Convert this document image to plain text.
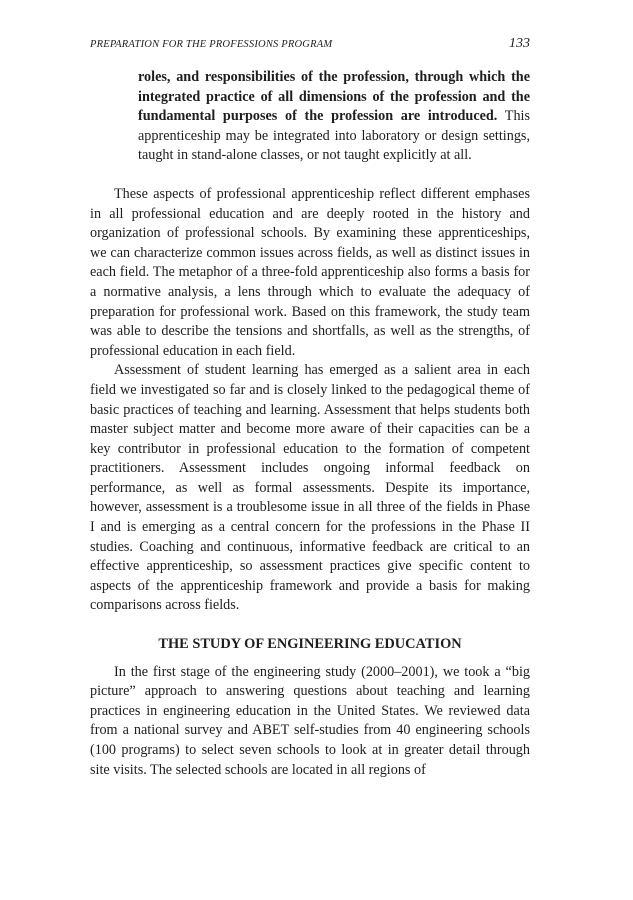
PREPARATION FOR THE PROFESSIONS PROGRAM	133

roles, and responsibilities of the profession, through which the integrated practice of all dimensions of the profession and the fundamental purposes of the profession are introduced. This apprenticeship may be integrated into laboratory or design settings, taught in stand-alone classes, or not taught explicitly at all.

These aspects of professional apprenticeship reflect different emphases in all professional education and are deeply rooted in the history and organization of professional schools. By examining these apprenticeships, we can characterize common issues across fields, as well as distinct issues in each field. The metaphor of a three-fold apprenticeship also forms a basis for a normative analysis, a lens through which to evaluate the adequacy of preparation for professional work. Based on this framework, the study team was able to describe the tensions and shortfalls, as well as the strengths, of professional education in each field.

Assessment of student learning has emerged as a salient area in each field we investigated so far and is closely linked to the pedagogical theme of basic practices of teaching and learning. Assessment that helps students both master subject matter and become more aware of their capacities can be a key contributor in professional education to the formation of competent practitioners. Assessment includes ongoing informal feedback on performance, as well as formal assessments. Despite its importance, however, assessment is a troublesome issue in all three of the fields in Phase I and is emerging as a central concern for the professions in the Phase II studies. Coaching and continuous, informative feedback are critical to an effective apprenticeship, so assessment practices give specific content to aspects of the apprenticeship framework and provide a basis for making comparisons across fields.

THE STUDY OF ENGINEERING EDUCATION

In the first stage of the engineering study (2000–2001), we took a “big picture” approach to answering questions about teaching and learning practices in engineering education in the United States. We reviewed data from a national survey and ABET self-studies from 40 engineering schools (100 programs) to select seven schools to look at in greater detail through site visits. The selected schools are located in all regions of
